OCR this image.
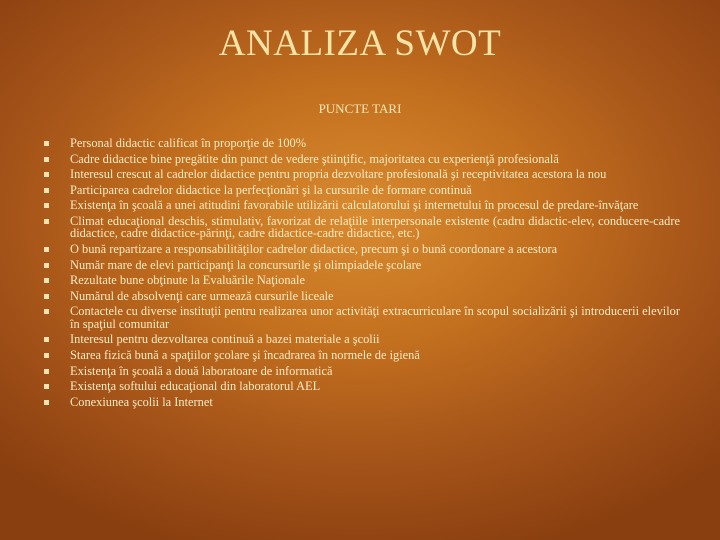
ANALIZA SWOT
PUNCTE TARI
Personal didactic calificat în proporţie de 100%
Cadre didactice bine pregătite din punct de vedere ştiinţific, majoritatea cu experienţă profesională
Interesul crescut al cadrelor didactice pentru propria dezvoltare profesională şi receptivitatea acestora la nou
Participarea cadrelor didactice la perfecţionări şi la cursurile de formare continuă
Existenţa în şcoală a unei atitudini favorabile utilizării calculatorului şi internetului în procesul de predare-învăţare
Climat educaţional deschis, stimulativ, favorizat de relaţiile interpersonale existente (cadru didactic-elev, conducere-cadre didactice, cadre didactice-părinţi, cadre didactice-cadre didactice, etc.)
O bună repartizare a responsabilităţilor cadrelor didactice, precum şi o bună coordonare a acestora
Număr mare de elevi participanţi la concursurile şi olimpiadele şcolare
Rezultate bune obţinute la Evaluările Naţionale
Numărul de absolvenţi care urmează cursurile liceale
Contactele cu diverse instituţii pentru realizarea unor activităţi extracurriculare în scopul socializării şi introducerii elevilor în spaţiul comunitar
Interesul pentru dezvoltarea continuă a bazei materiale a şcolii
Starea fizică bună a spaţiilor şcolare şi încadrarea în normele de igienă
Existenţa în şcoală a două laboratoare de informatică
Existenţa softului educaţional din laboratorul AEL
Conexiunea şcolii la Internet
